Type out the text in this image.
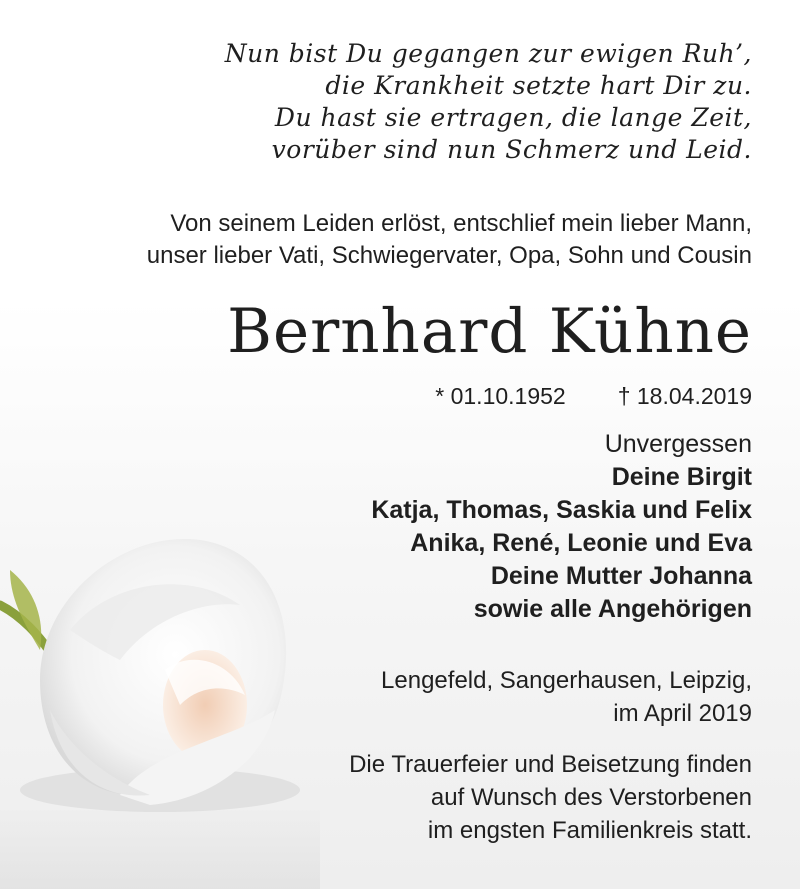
Nun bist Du gegangen zur ewigen Ruh’,
die Krankheit setzte hart Dir zu.
Du hast sie ertragen, die lange Zeit,
vorüber sind nun Schmerz und Leid.
Von seinem Leiden erlöst, entschlief mein lieber Mann,
unser lieber Vati, Schwiegervater, Opa, Sohn und Cousin
Bernhard Kühne
* 01.10.1952 † 18.04.2019
Unvergessen
Deine Birgit
Katja, Thomas, Saskia und Felix
Anika, René, Leonie und Eva
Deine Mutter Johanna
sowie alle Angehörigen
Lengefeld, Sangerhausen, Leipzig,
im April 2019
Die Trauerfeier und Beisetzung finden
auf Wunsch des Verstorbenen
im engsten Familienkreis statt.
